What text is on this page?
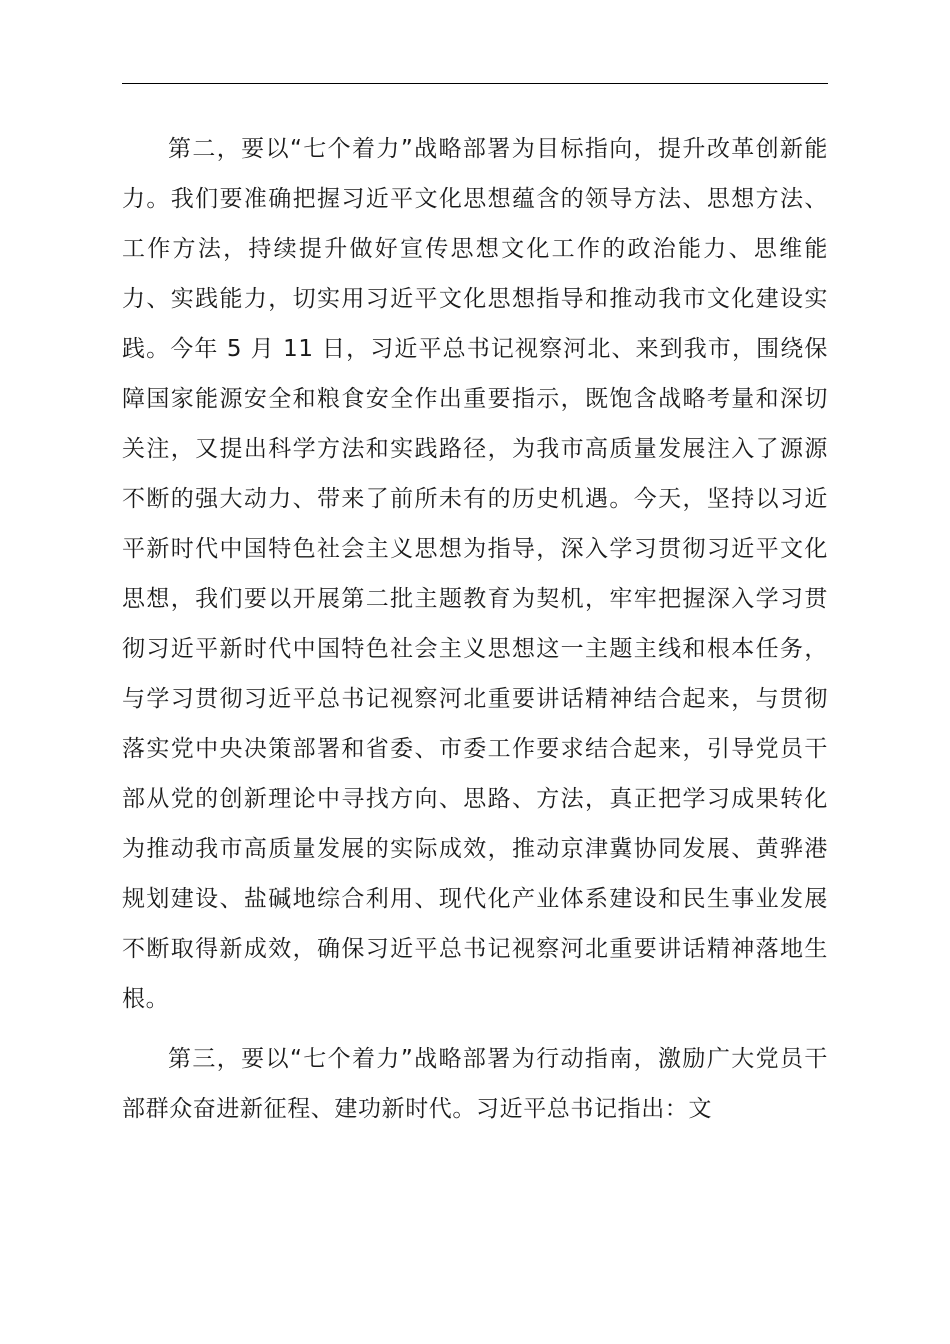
第二，要以“七个着力”战略部署为目标指向，提升改革创新能力。我们要准确把握习近平文化思想蕴含的领导方法、思想方法、工作方法，持续提升做好宣传思想文化工作的政治能力、思维能力、实践能力，切实用习近平文化思想指导和推动我市文化建设实践。今年 5 月 11 日，习近平总书记视察河北、来到我市，围绕保障国家能源安全和粮食安全作出重要指示，既饱含战略考量和深切关注，又提出科学方法和实践路径，为我市高质量发展注入了源源不断的强大动力、带来了前所未有的历史机遇。今天，坚持以习近平新时代中国特色社会主义思想为指导，深入学习贯彻习近平文化思想，我们要以开展第二批主题教育为契机，牢牢把握深入学习贯彻习近平新时代中国特色社会主义思想这一主题主线和根本任务，与学习贯彻习近平总书记视察河北重要讲话精神结合起来，与贯彻落实党中央决策部署和省委、市委工作要求结合起来，引导党员干部从党的创新理论中寻找方向、思路、方法，真正把学习成果转化为推动我市高质量发展的实际成效，推动京津冀协同发展、黄骅港规划建设、盐碱地综合利用、现代化产业体系建设和民生事业发展不断取得新成效，确保习近平总书记视察河北重要讲话精神落地生根。

第三，要以“七个着力”战略部署为行动指南，激励广大党员干部群众奋进新征程、建功新时代。习近平总书记指出：文
